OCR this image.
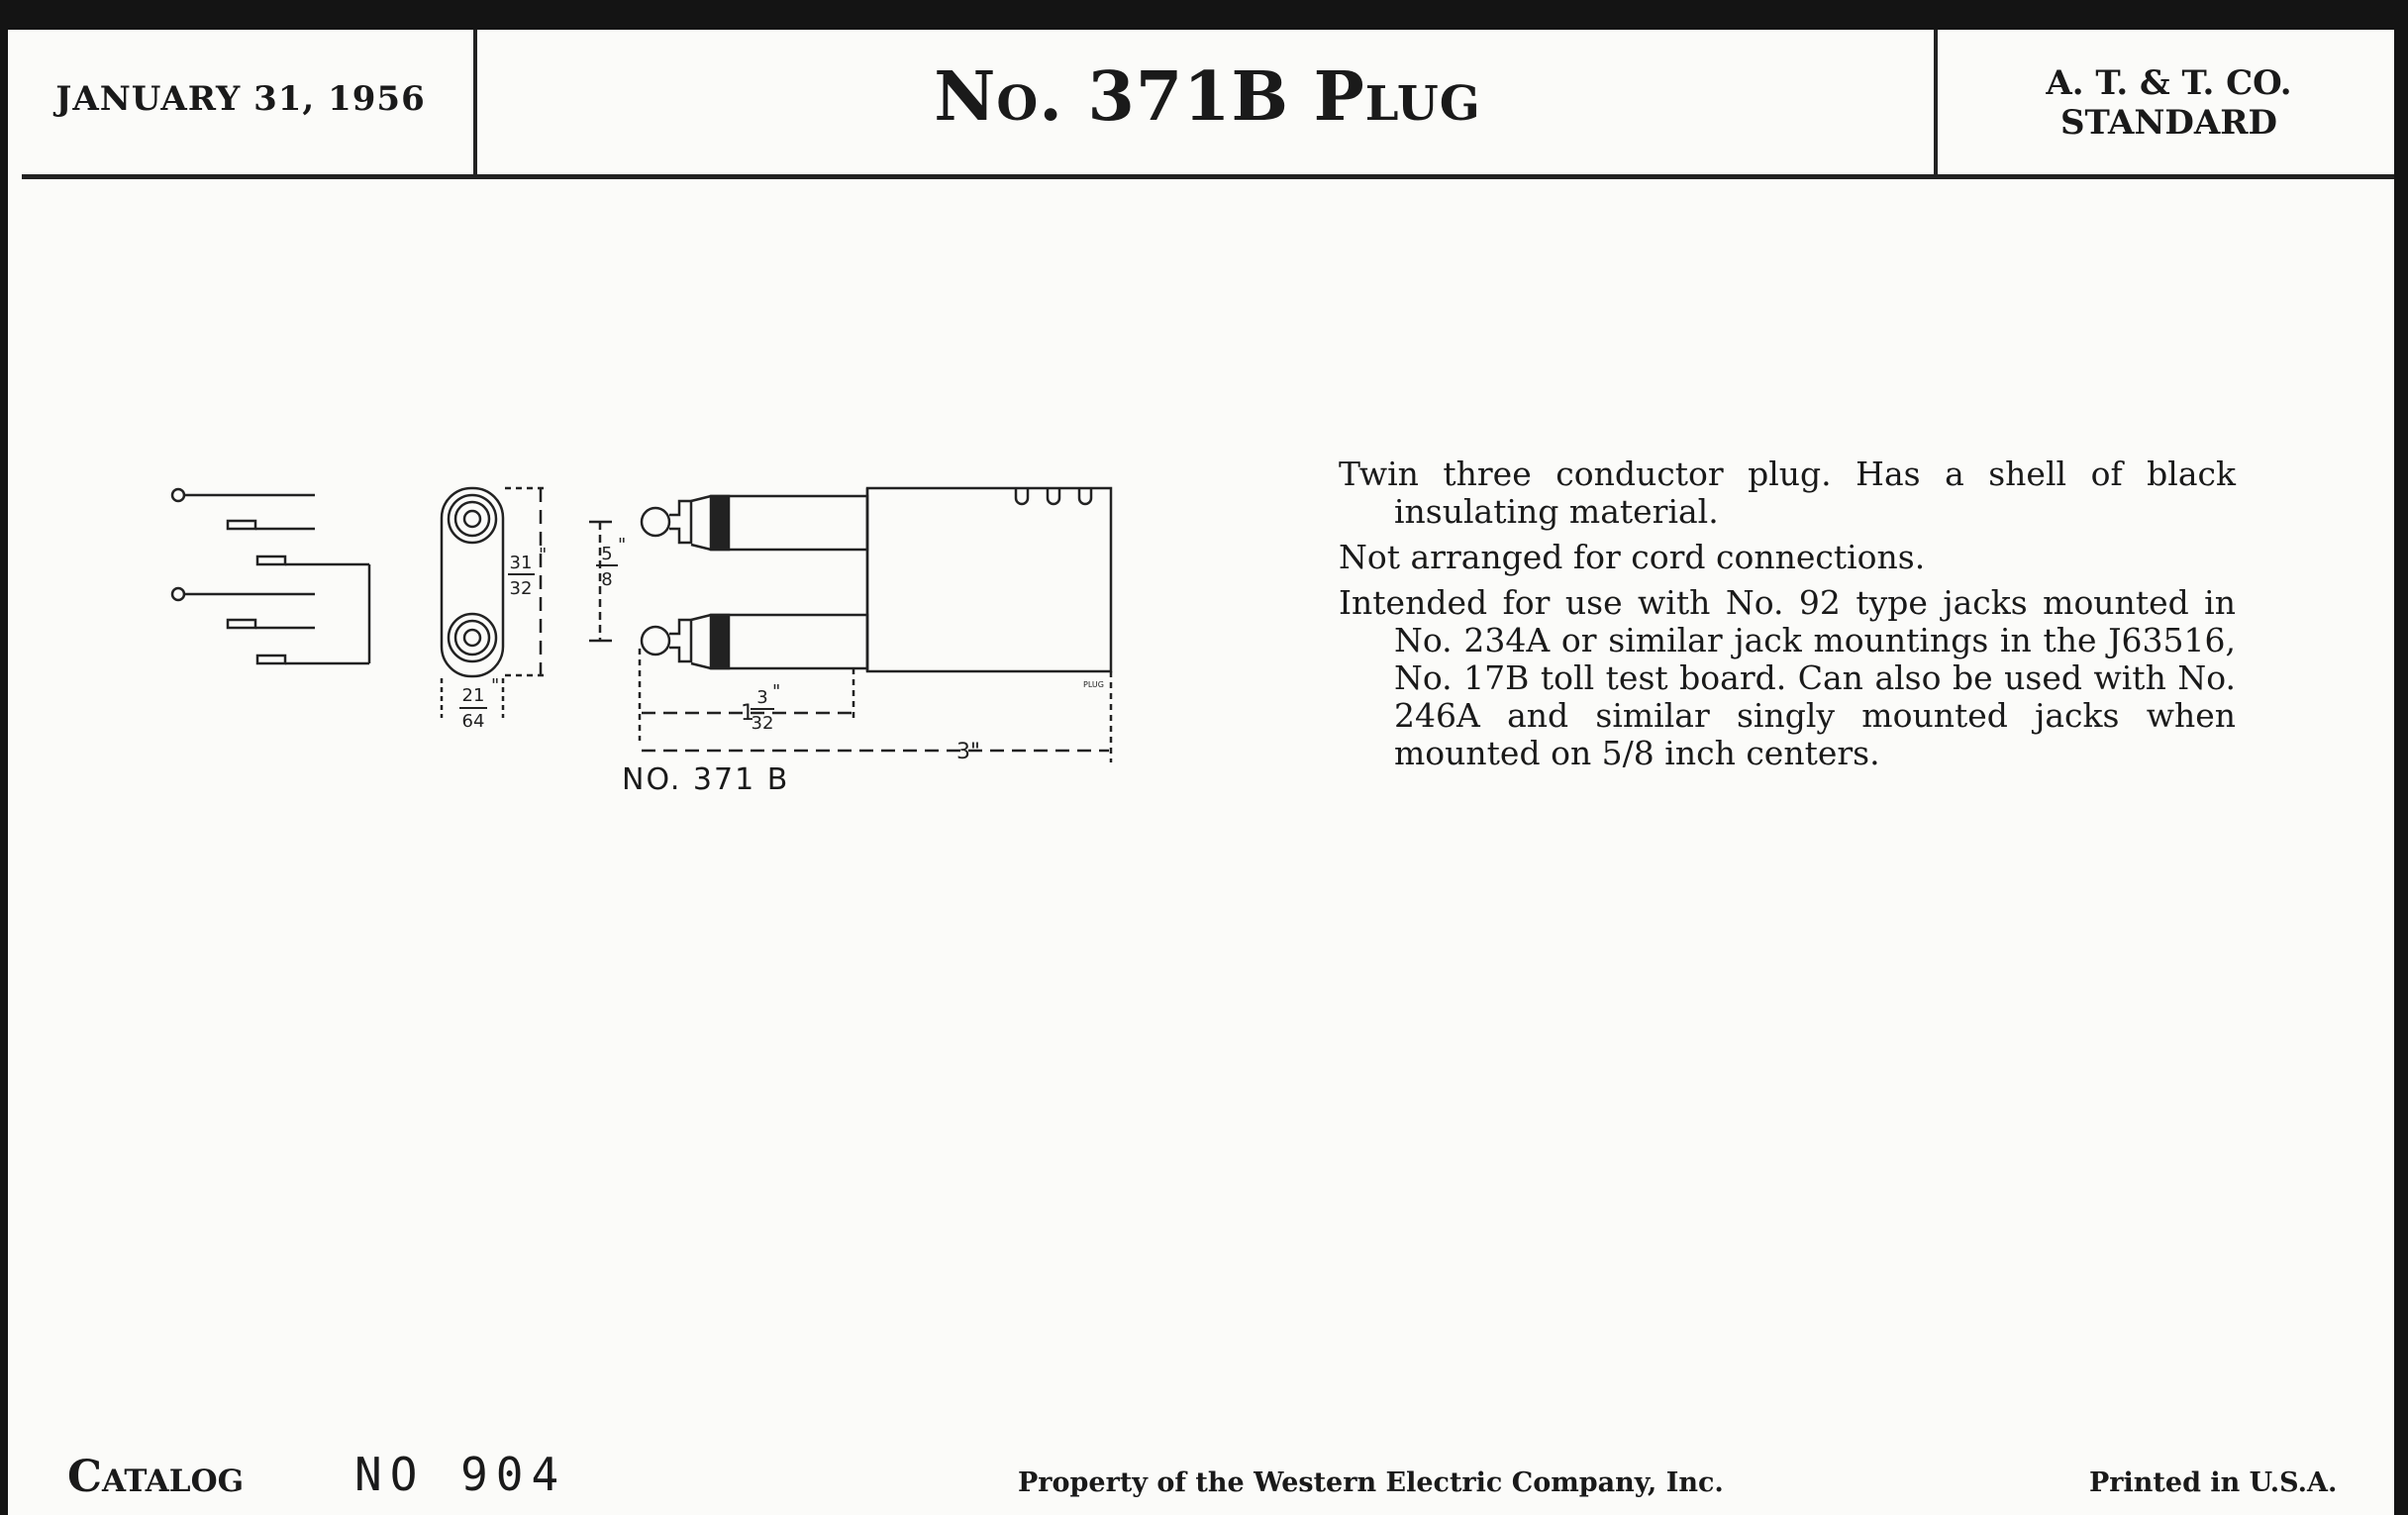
JANUARY 31, 1956	No. 371B Plug	A. T. & T. CO.
STANDARD
31 "
32
21 "
64
5 "
8
1
3 "
32
3"
PLUG
NO. 371 B

Twin three conductor plug. Has a shell of black insulating material.

Not arranged for cord connections.

Intended for use with No. 92 type jacks mounted in No. 234A or similar jack mountings in the J63516, No. 17B toll test board. Can also be used with No. 246A and similar singly mounted jacks when mounted on 5/8 inch centers.

Catalog NO 904	Property of the Western Electric Company, Inc.	Printed in U.S.A.
